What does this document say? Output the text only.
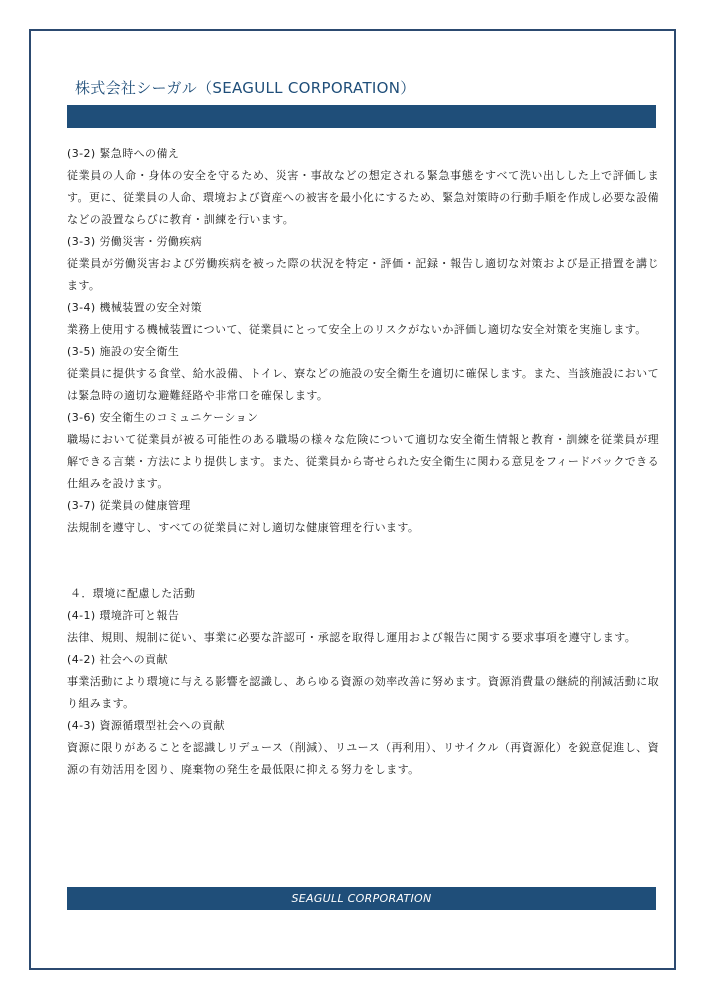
株式会社シーガル（SEAGULL CORPORATION）

(3-2) 緊急時への備え

従業員の人命・身体の安全を守るため、災害・事故などの想定される緊急事態をすべて洗い出しした上で評価します。更に、従業員の人命、環境および資産への被害を最小化にするため、緊急対策時の行動手順を作成し必要な設備などの設置ならびに教育・訓練を行います。

(3-3) 労働災害・労働疾病

従業員が労働災害および労働疾病を被った際の状況を特定・評価・記録・報告し適切な対策および是正措置を講じます。

(3-4) 機械装置の安全対策

業務上使用する機械装置について、従業員にとって安全上のリスクがないか評価し適切な安全対策を実施します。

(3-5) 施設の安全衛生

従業員に提供する食堂、給水設備、トイレ、寮などの施設の安全衛生を適切に確保します。また、当該施設においては緊急時の適切な避難経路や非常口を確保します。

(3-6) 安全衛生のコミュニケーション

職場において従業員が被る可能性のある職場の様々な危険について適切な安全衛生情報と教育・訓練を従業員が理解できる言葉・方法により提供します。また、従業員から寄せられた安全衛生に関わる意見をフィードバックできる仕組みを設けます。

(3-7) 従業員の健康管理

法規制を遵守し、すべての従業員に対し適切な健康管理を行います。

４．環境に配慮した活動

(4-1) 環境許可と報告

法律、規則、規制に従い、事業に必要な許認可・承認を取得し運用および報告に関する要求事項を遵守します。

(4-2) 社会への貢献

事業活動により環境に与える影響を認識し、あらゆる資源の効率改善に努めます。資源消費量の継続的削減活動に取り組みます。

(4-3) 資源循環型社会への貢献

資源に限りがあることを認識しリデュース（削減）、リユース（再利用）、リサイクル（再資源化）を鋭意促進し、資源の有効活用を図り、廃棄物の発生を最低限に抑える努力をします。

SEAGULL CORPORATION
